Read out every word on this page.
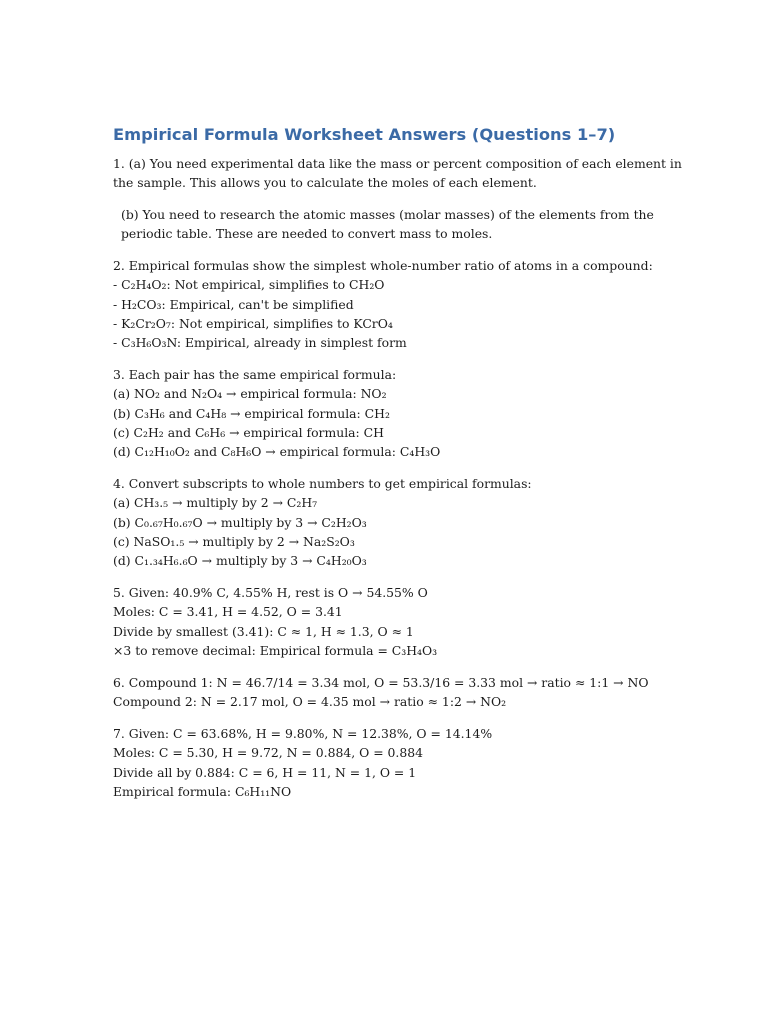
Empirical Formula Worksheet Answers (Questions 1–7)
1. (a) You need experimental data like the mass or percent composition of each element in
the sample. This allows you to calculate the moles of each element.
(b) You need to research the atomic masses (molar masses) of the elements from the
periodic table. These are needed to convert mass to moles.
2. Empirical formulas show the simplest whole-number ratio of atoms in a compound:
- C₂H₄O₂: Not empirical, simplifies to CH₂O
- H₂CO₃: Empirical, can't be simplified
- K₂Cr₂O₇: Not empirical, simplifies to KCrO₄
- C₃H₆O₃N: Empirical, already in simplest form
3. Each pair has the same empirical formula:
(a) NO₂ and N₂O₄ → empirical formula: NO₂
(b) C₃H₆ and C₄H₈ → empirical formula: CH₂
(c) C₂H₂ and C₆H₆ → empirical formula: CH
(d) C₁₂H₁₀O₂ and C₈H₆O → empirical formula: C₄H₃O
4. Convert subscripts to whole numbers to get empirical formulas:
(a) CH₃.₅ → multiply by 2 → C₂H₇
(b) C₀.₆₇H₀.₆₇O → multiply by 3 → C₂H₂O₃
(c) NaSO₁.₅ → multiply by 2 → Na₂S₂O₃
(d) C₁.₃₄H₆.₆O → multiply by 3 → C₄H₂₀O₃
5. Given: 40.9% C, 4.55% H, rest is O → 54.55% O
Moles: C = 3.41, H = 4.52, O = 3.41
Divide by smallest (3.41): C ≈ 1, H ≈ 1.3, O ≈ 1
×3 to remove decimal: Empirical formula = C₃H₄O₃
6. Compound 1: N = 46.7/14 = 3.34 mol, O = 53.3/16 = 3.33 mol → ratio ≈ 1:1 → NO
Compound 2: N = 2.17 mol, O = 4.35 mol → ratio ≈ 1:2 → NO₂
7. Given: C = 63.68%, H = 9.80%, N = 12.38%, O = 14.14%
Moles: C = 5.30, H = 9.72, N = 0.884, O = 0.884
Divide all by 0.884: C = 6, H = 11, N = 1, O = 1
Empirical formula: C₆H₁₁NO
